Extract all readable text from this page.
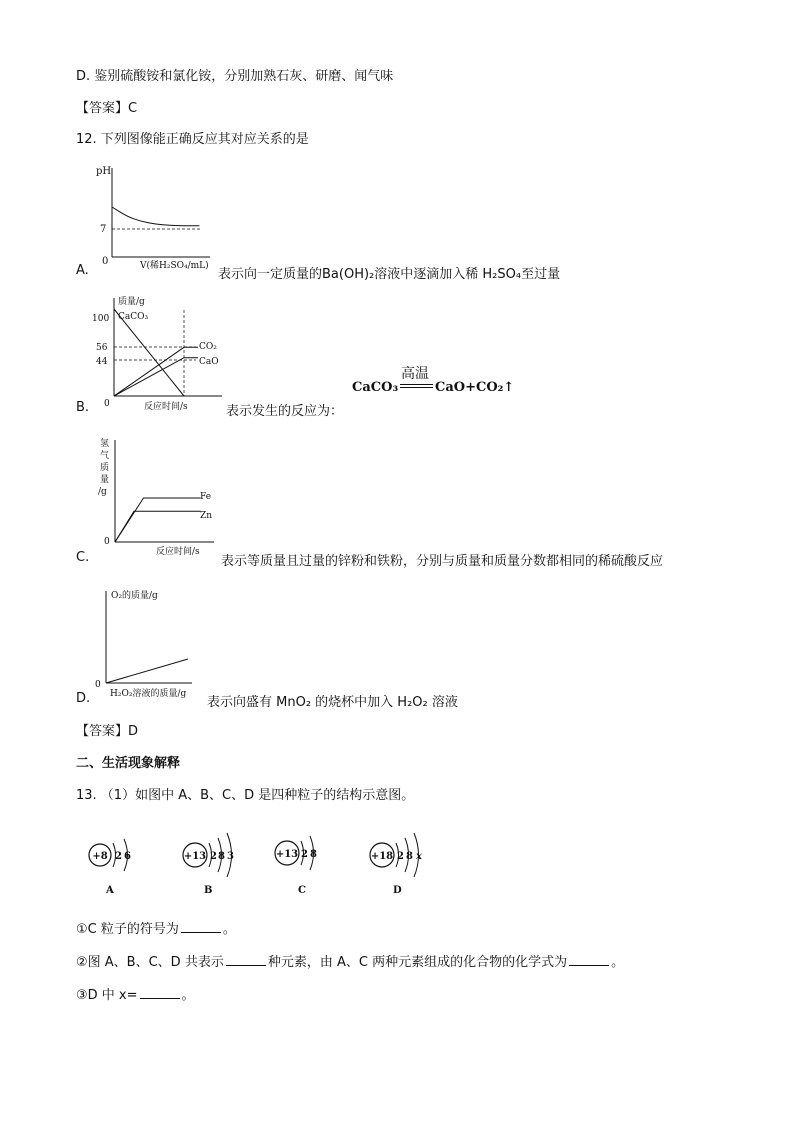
D. 鉴别硫酸铵和氯化铵，分别加熟石灰、研磨、闻气味
【答案】C
12. 下列图像能正确反应其对应关系的是
A.
pH
7
0	V(稀H₂SO₄/mL)
表示向一定质量的Ba(OH)₂溶液中逐滴加入稀 H₂SO₄至过量
B.
质量/g
100
56
44
0	反应时间/s
CaCO₃
CO₂
CaO
表示发生的反应为：
CaCO₃
高温
CaO+CO₂↑
C.
氢
气
质
量
/g
0
反应时间/s
Fe
Zn
表示等质量且过量的锌粉和铁粉，分别与质量和质量分数都相同的稀硫酸反应
D.
O₂的质量/g
0
H₂O₂溶液的质量/g
表示向盛有 MnO₂ 的烧杯中加入 H₂O₂ 溶液
【答案】D
二、生活现象解释
13. （1）如图中 A、B、C、D 是四种粒子的结构示意图。
+8 2 6
A
+13 2 8 3
B
+13 2 8
C
+18 2 8 x
D
①C 粒子的符号为	。
②图 A、B、C、D 共表示	种元素，由 A、C 两种元素组成的化合物的化学式为	。
③D 中 x=	。
